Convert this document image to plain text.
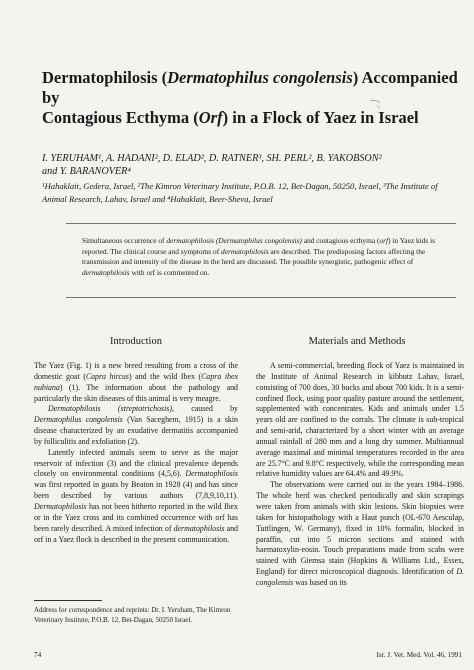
Dermatophilosis (Dermatophilus congolensis) Accompanied by
Contagious Ecthyma (Orf) in a Flock of Yaez in Israel
I. YERUHAM¹, A. HADANI², D. ELAD², D. RATNER³, SH. PERL², B. YAKOBSON²
and Y. BARANOVER⁴
¹Hahaklait, Gedera, Israel, ²The Kimron Veterinary Institute, P.O.B. 12, Bet-Dagan, 50250, Israel, ³The Institute of
Animal Research, Lahav, Israel and ⁴Hahaklait, Beer-Sheva, Israel
Simultaneous occurrence of dermatophilosis (Dermatophilus congolensis) and contagious ecthyma (orf) in Yaez kids is reported. The clinical course and symptoms of dermatophilosis are described. The predisposing factors affecting the transmission and intensity of the disease in the herd are discussed. The possible synergistic, pathogenic effect of dermatophilosis with orf is commented on.
Introduction	Materials and Methods

The Yaez (Fig. 1) is a new breed resulting from a cross of the domestic goat (Capra hircus) and the wild Ibex (Capra ibex nubiana) (1). The information about the pathology and particularly the skin diseases of this animal is very meagre.

Dermatophilosis (streptotrichosis), caused by Dermatophilus congolensis (Van Saceghem, 1915) is a skin disease characterized by an exudative dermatitis accompanied by folliculitis and exfoliation (2).

Latently infected animals seem to serve as the major reservoir of infection (3) and the clinical prevalence depends closely on environmental conditions (4,5,6). Dermatophilosis was first reported in goats by Beaton in 1928 (4) and has since been described by various authors (7,8,9,10,11). Dermatophilosis has not been hitherto reported in the wild Ibex or in the Yaez cross and its combined occurrence with orf has been rarely described. A mixed infection of dermatophilosis and orf in a Yaez flock is described in the present communication.

A semi-commercial, breeding flock of Yaez is maintained in the Institute of Animal Research in kibbutz Lahav, Israel, consisting of 700 does, 30 bucks and about 700 kids. It is a semi-confined flock, using poor quality pasture around the settlement, supplemented with concentrates. Kids and animals under 1.5 years old are confined to the corrals. The climate is sub-tropical and semi-arid, characterized by a short winter with an average annual rainfall of 280 mm and a long dry summer. Multiannual average maximal and minimal temperatures recorded in the area are 25.7°C and 9.8°C respectively, while the corresponding mean relative humidity values are 64.4% and 49.9%.

The observations were carried out in the years 1984–1986. The whole herd was checked periodically and skin scrapings were taken from animals with skin lesions. Skin biopsies were taken for histopathology with a Haut punch (OL-670 Aesculap, Tuttlingen, W. Germany), fixed in 10% formalin, blocked in paraffin, cut into 5 micron sections and stained with haematoxylin-eosin. Touch preparations made from scabs were stained with Giemsa stain (Hopkins & Williams Ltd., Essex, England) for direct microscopical diagnosis. Identification of D. congolensis was based on its

Address for correspondence and reprints: Dr. I. Yeruham, The Kimron Veterinary Institute, P.O.B. 12, Bet-Dagan, 50250 Israel.
74	Isr. J. Vet. Med. Vol. 46, 1991
